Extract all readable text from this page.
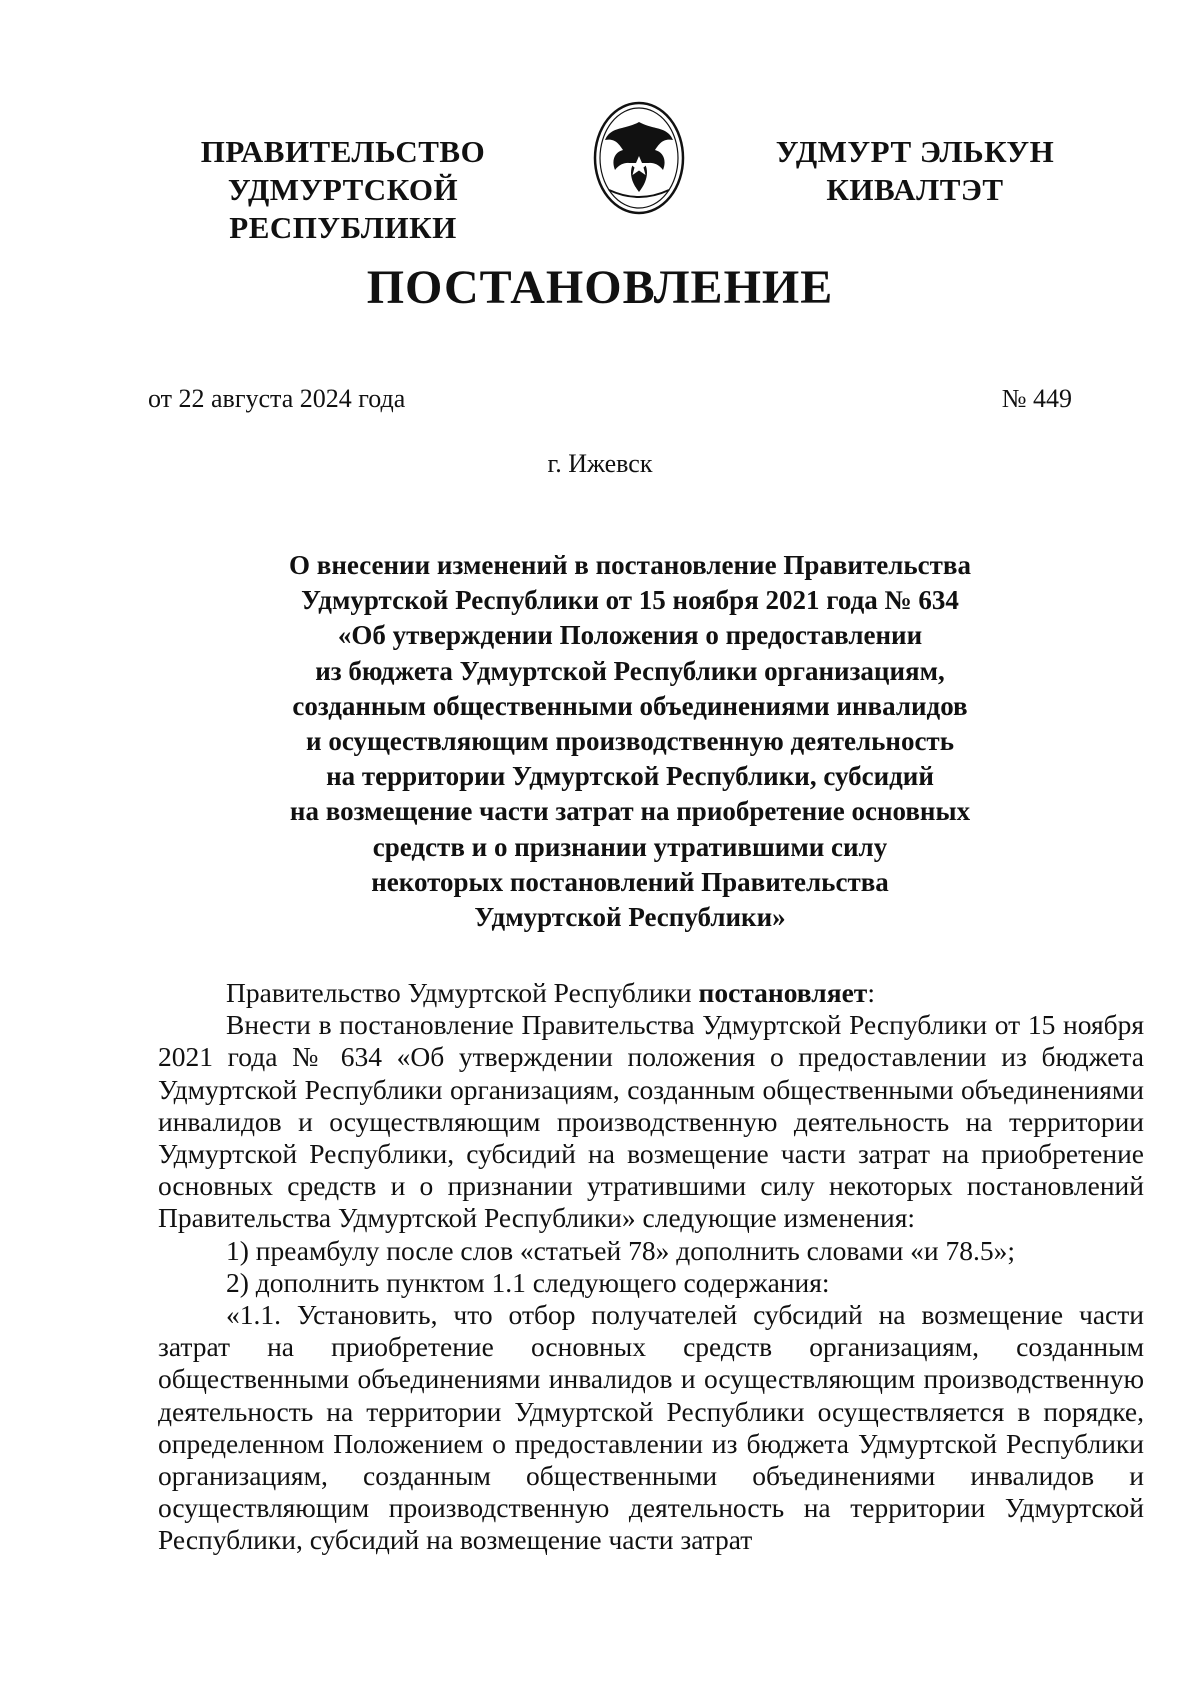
ПРАВИТЕЛЬСТВО
УДМУРТСКОЙ РЕСПУБЛИКИ
УДМУРТ ЭЛЬКУН
КИВАЛТЭТ
ПОСТАНОВЛЕНИЕ
от 22 августа 2024 года	№ 449
г. Ижевск
О внесении изменений в постановление Правительства
Удмуртской Республики от 15 ноября 2021 года № 634
«Об утверждении Положения о предоставлении
из бюджета Удмуртской Республики организациям,
созданным общественными объединениями инвалидов
и осуществляющим производственную деятельность
на территории Удмуртской Республики, субсидий
на возмещение части затрат на приобретение основных
средств и о признании утратившими силу
некоторых постановлений Правительства
Удмуртской Республики»

Правительство Удмуртской Республики постановляет:

Внести в постановление Правительства Удмуртской Республики от 15 ноября 2021 года № 634 «Об утверждении положения о предоставлении из бюджета Удмуртской Республики организациям, созданным общественными объединениями инвалидов и осуществляющим производственную деятельность на территории Удмуртской Республики, субсидий на возмещение части затрат на приобретение основных средств и о признании утратившими силу некоторых постановлений Правительства Удмуртской Республики» следующие изменения:

1) преамбулу после слов «статьей 78» дополнить словами «и 78.5»;

2) дополнить пунктом 1.1 следующего содержания:

«1.1. Установить, что отбор получателей субсидий на возмещение части затрат на приобретение основных средств организациям, созданным общественными объединениями инвалидов и осуществляющим производственную деятельность на территории Удмуртской Республики осуществляется в порядке, определенном Положением о предоставлении из бюджета Удмуртской Республики организациям, созданным общественными объединениями инвалидов и осуществляющим производственную деятельность на территории Удмуртской Республики, субсидий на возмещение части затрат
